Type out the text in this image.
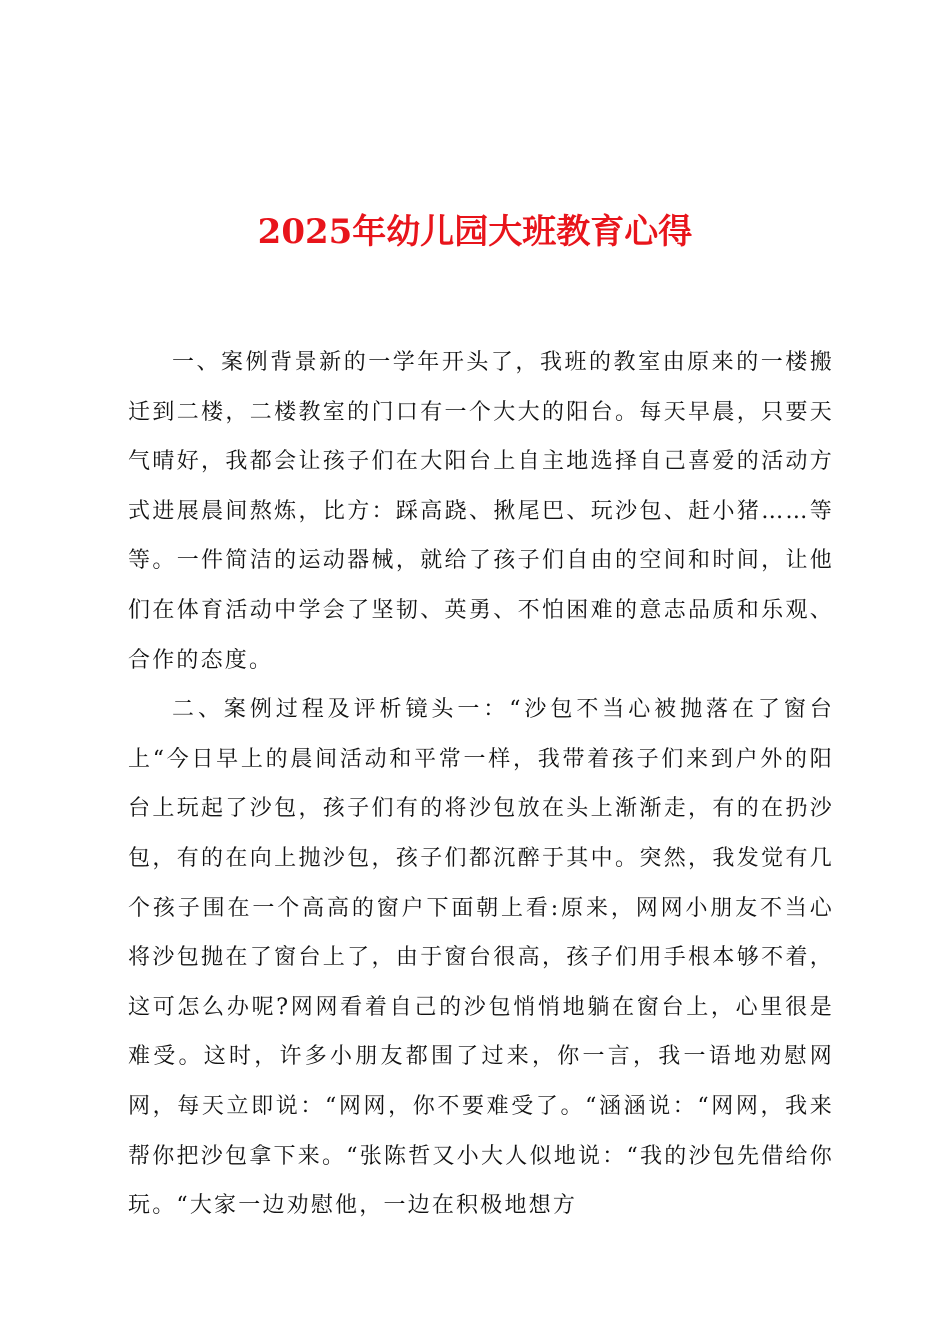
2025年幼儿园大班教育心得

一、案例背景新的一学年开头了，我班的教室由原来的一楼搬迁到二楼，二楼教室的门口有一个大大的阳台。每天早晨，只要天气晴好，我都会让孩子们在大阳台上自主地选择自己喜爱的活动方式进展晨间熬炼，比方：踩高跷、揪尾巴、玩沙包、赶小猪……等等。一件简洁的运动器械，就给了孩子们自由的空间和时间，让他们在体育活动中学会了坚韧、英勇、不怕困难的意志品质和乐观、合作的态度。

二、案例过程及评析镜头一：“沙包不当心被抛落在了窗台上“今日早上的晨间活动和平常一样，我带着孩子们来到户外的阳台上玩起了沙包，孩子们有的将沙包放在头上渐渐走，有的在扔沙包，有的在向上抛沙包，孩子们都沉醉于其中。突然，我发觉有几个孩子围在一个高高的窗户下面朝上看:原来，网网小朋友不当心将沙包抛在了窗台上了，由于窗台很高，孩子们用手根本够不着，这可怎么办呢?网网看着自己的沙包悄悄地躺在窗台上，心里很是难受。这时，许多小朋友都围了过来，你一言，我一语地劝慰网网，每天立即说：“网网，你不要难受了。“涵涵说：“网网，我来帮你把沙包拿下来。“张陈哲又小大人似地说：“我的沙包先借给你玩。“大家一边劝慰他，一边在积极地想方
